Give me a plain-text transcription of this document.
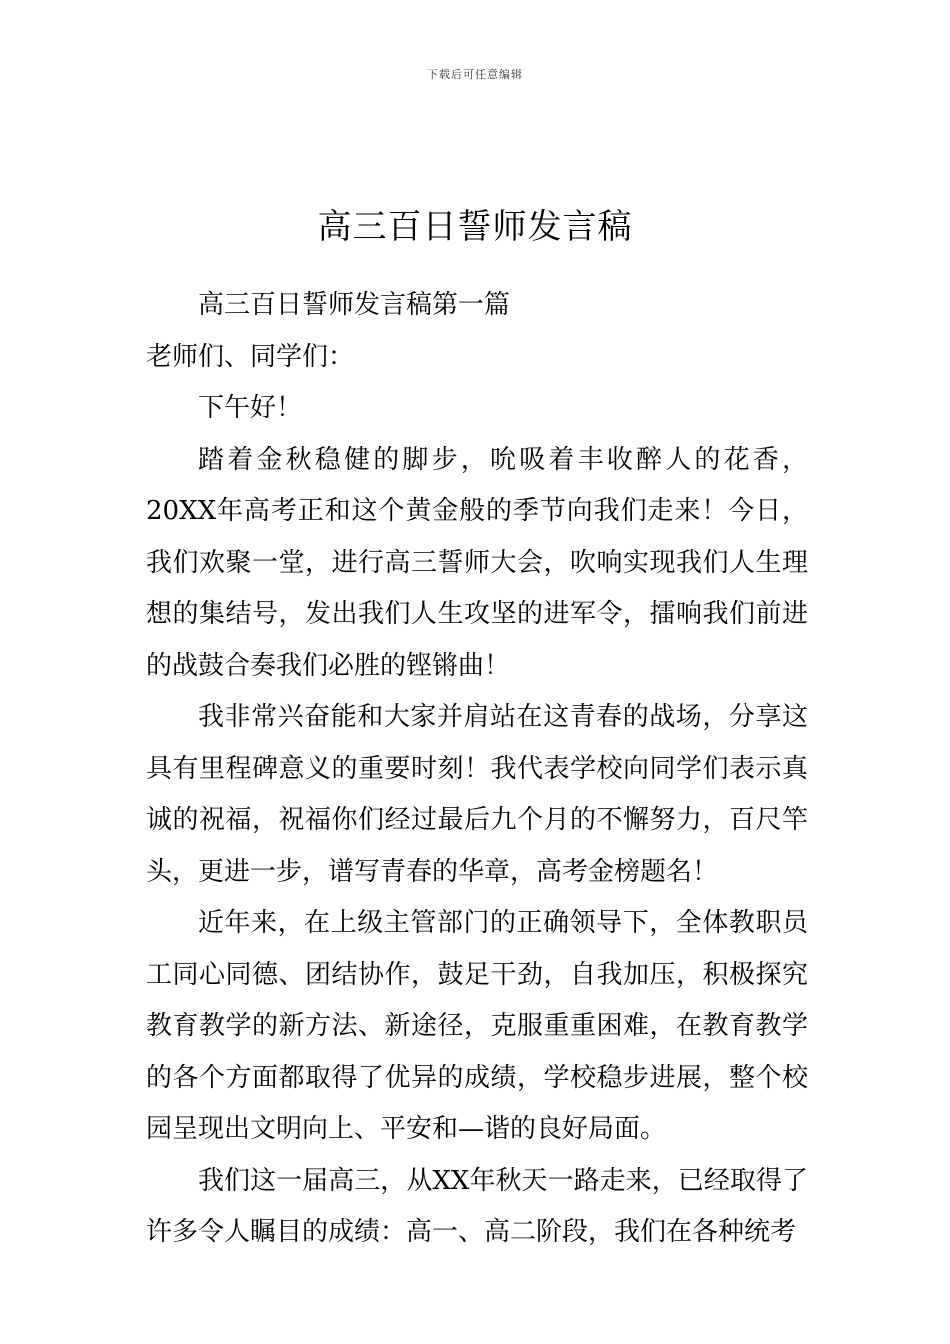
下载后可任意编辑
高三百日誓师发言稿

高三百日誓师发言稿第一篇

老师们、同学们：

下午好！

踏着金秋稳健的脚步，吮吸着丰收醉人的花香，20XX年高考正和这个黄金般的季节向我们走来！今日，我们欢聚一堂，进行高三誓师大会，吹响实现我们人生理想的集结号，发出我们人生攻坚的进军令，擂响我们前进的战鼓合奏我们必胜的铿锵曲！

我非常兴奋能和大家并肩站在这青春的战场，分享这具有里程碑意义的重要时刻！我代表学校向同学们表示真诚的祝福，祝福你们经过最后九个月的不懈努力，百尺竿头，更进一步，谱写青春的华章，高考金榜题名！

近年来，在上级主管部门的正确领导下，全体教职员工同心同德、团结协作，鼓足干劲，自我加压，积极探究教育教学的新方法、新途径，克服重重困难，在教育教学的各个方面都取得了优异的成绩，学校稳步进展，整个校园呈现出文明向上、平安和—谐的良好局面。

我们这一届高三，从XX年秋天一路走来，已经取得了许多令人瞩目的成绩：高一、高二阶段，我们在各种统考
